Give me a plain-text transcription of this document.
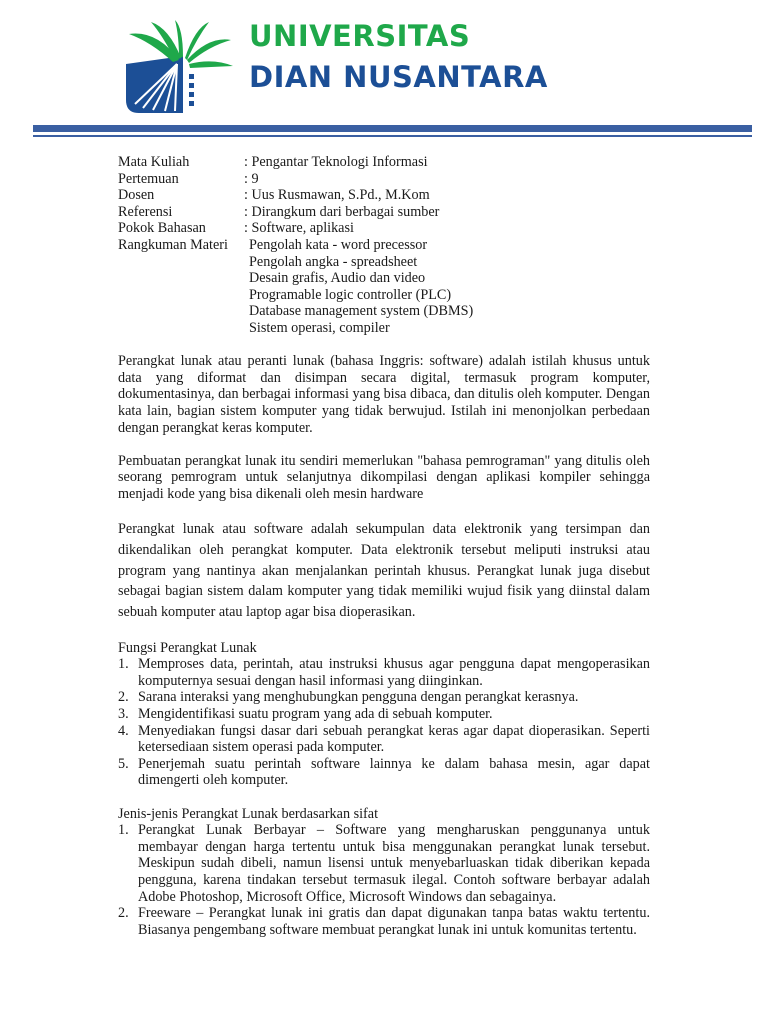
UNIVERSITAS
DIAN NUSANTARA
Mata Kuliah	: Pengantar Teknologi Informasi
Pertemuan	: 9
Dosen	: Uus Rusmawan, S.Pd., M.Kom
Referensi	: Dirangkum dari berbagai sumber
Pokok Bahasan	: Software, aplikasi
Rangkuman Materi	Pengolah kata - word precessor
Pengolah angka - spreadsheet
Desain grafis, Audio dan video
Programable logic controller (PLC)
Database management system (DBMS)
Sistem operasi, compiler

Perangkat lunak atau peranti lunak (bahasa Inggris: software) adalah istilah khusus untuk data yang diformat dan disimpan secara digital, termasuk program komputer, dokumentasinya, dan berbagai informasi yang bisa dibaca, dan ditulis oleh komputer. Dengan kata lain, bagian sistem komputer yang tidak berwujud. Istilah ini menonjolkan perbedaan dengan perangkat keras komputer.

Pembuatan perangkat lunak itu sendiri memerlukan "bahasa pemrograman" yang ditulis oleh seorang pemrogram untuk selanjutnya dikompilasi dengan aplikasi kompiler sehingga menjadi kode yang bisa dikenali oleh mesin hardware

Perangkat lunak atau software adalah sekumpulan data elektronik yang tersimpan dan dikendalikan oleh perangkat komputer. Data elektronik tersebut meliputi instruksi atau program yang nantinya akan menjalankan perintah khusus. Perangkat lunak juga disebut sebagai bagian sistem dalam komputer yang tidak memiliki wujud fisik yang diinstal dalam sebuah komputer atau laptop agar bisa dioperasikan.

Fungsi Perangkat Lunak
1. Memproses data, perintah, atau instruksi khusus agar pengguna dapat mengoperasikan komputernya sesuai dengan hasil informasi yang diinginkan.
2. Sarana interaksi yang menghubungkan pengguna dengan perangkat kerasnya.
3. Mengidentifikasi suatu program yang ada di sebuah komputer.
4. Menyediakan fungsi dasar dari sebuah perangkat keras agar dapat dioperasikan. Seperti ketersediaan sistem operasi pada komputer.
5. Penerjemah suatu perintah software lainnya ke dalam bahasa mesin, agar dapat dimengerti oleh komputer.
Jenis-jenis Perangkat Lunak berdasarkan sifat
1. Perangkat Lunak Berbayar – Software yang mengharuskan penggunanya untuk membayar dengan harga tertentu untuk bisa menggunakan perangkat lunak tersebut. Meskipun sudah dibeli, namun lisensi untuk menyebarluaskan tidak diberikan kepada pengguna, karena tindakan tersebut termasuk ilegal. Contoh software berbayar adalah Adobe Photoshop, Microsoft Office, Microsoft Windows dan sebagainya.
2. Freeware – Perangkat lunak ini gratis dan dapat digunakan tanpa batas waktu tertentu. Biasanya pengembang software membuat perangkat lunak ini untuk komunitas tertentu.
